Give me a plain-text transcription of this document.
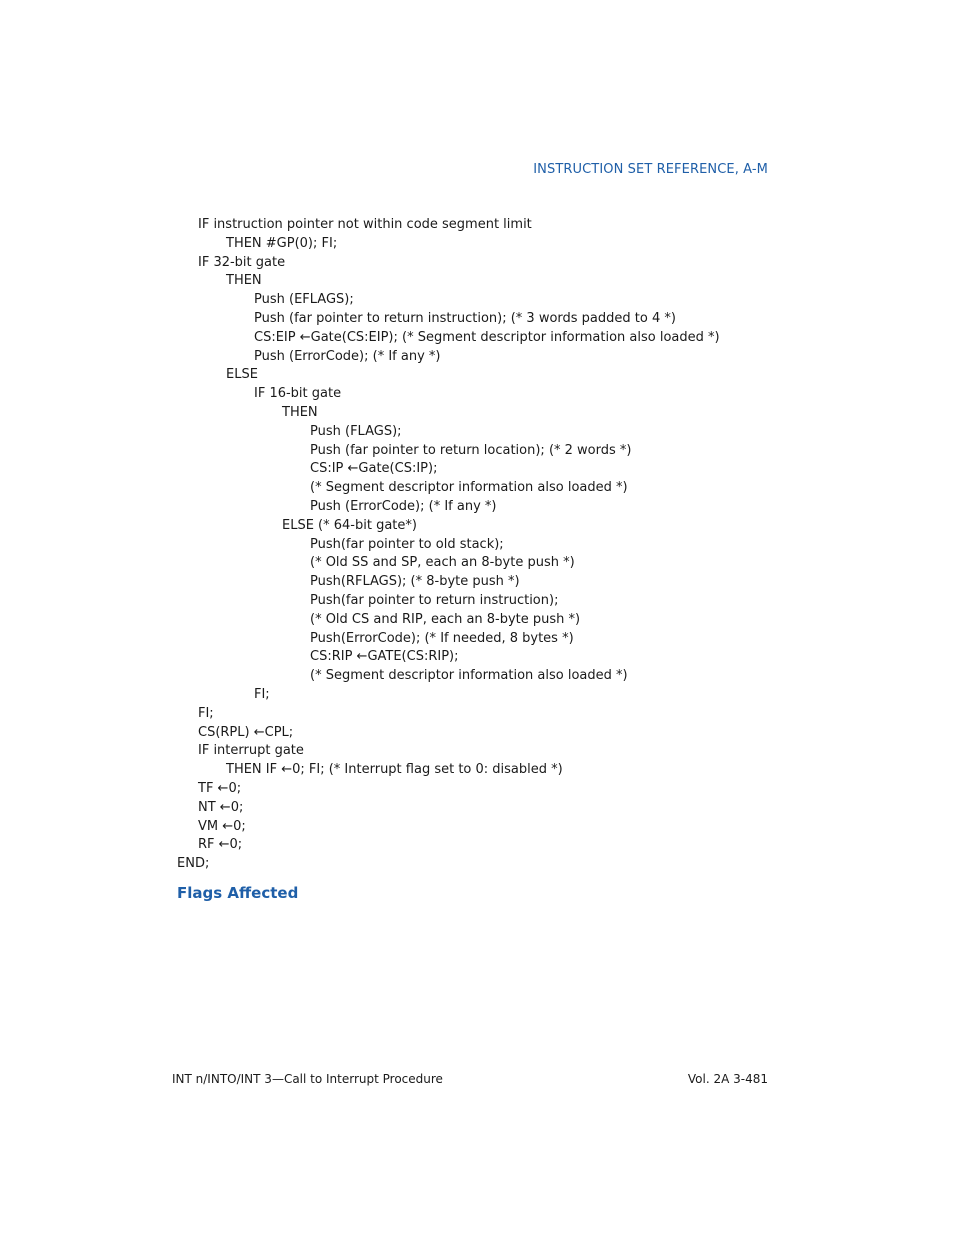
INSTRUCTION SET REFERENCE, A-M
IF instruction pointer not within code segment limit
THEN #GP(0); FI;
IF 32-bit gate
THEN
Push (EFLAGS);
Push (far pointer to return instruction); (* 3 words padded to 4 *)
CS:EIP ←Gate(CS:EIP); (* Segment descriptor information also loaded *)
Push (ErrorCode); (* If any *)
ELSE
IF 16-bit gate
THEN
Push (FLAGS);
Push (far pointer to return location); (* 2 words *)
CS:IP ←Gate(CS:IP);
(* Segment descriptor information also loaded *)
Push (ErrorCode); (* If any *)
ELSE (* 64-bit gate*)
Push(far pointer to old stack);
(* Old SS and SP, each an 8-byte push *)
Push(RFLAGS); (* 8-byte push *)
Push(far pointer to return instruction);
(* Old CS and RIP, each an 8-byte push *)
Push(ErrorCode); (* If needed, 8 bytes *)
CS:RIP ←GATE(CS:RIP);
(* Segment descriptor information also loaded *)
FI;
FI;
CS(RPL) ←CPL;
IF interrupt gate
THEN IF ←0; FI; (* Interrupt flag set to 0: disabled *)
TF ←0;
NT ←0;
VM ←0;
RF ←0;
END;
Flags Affected
INT n/INTO/INT 3—Call to Interrupt Procedure	Vol. 2A 3-481
